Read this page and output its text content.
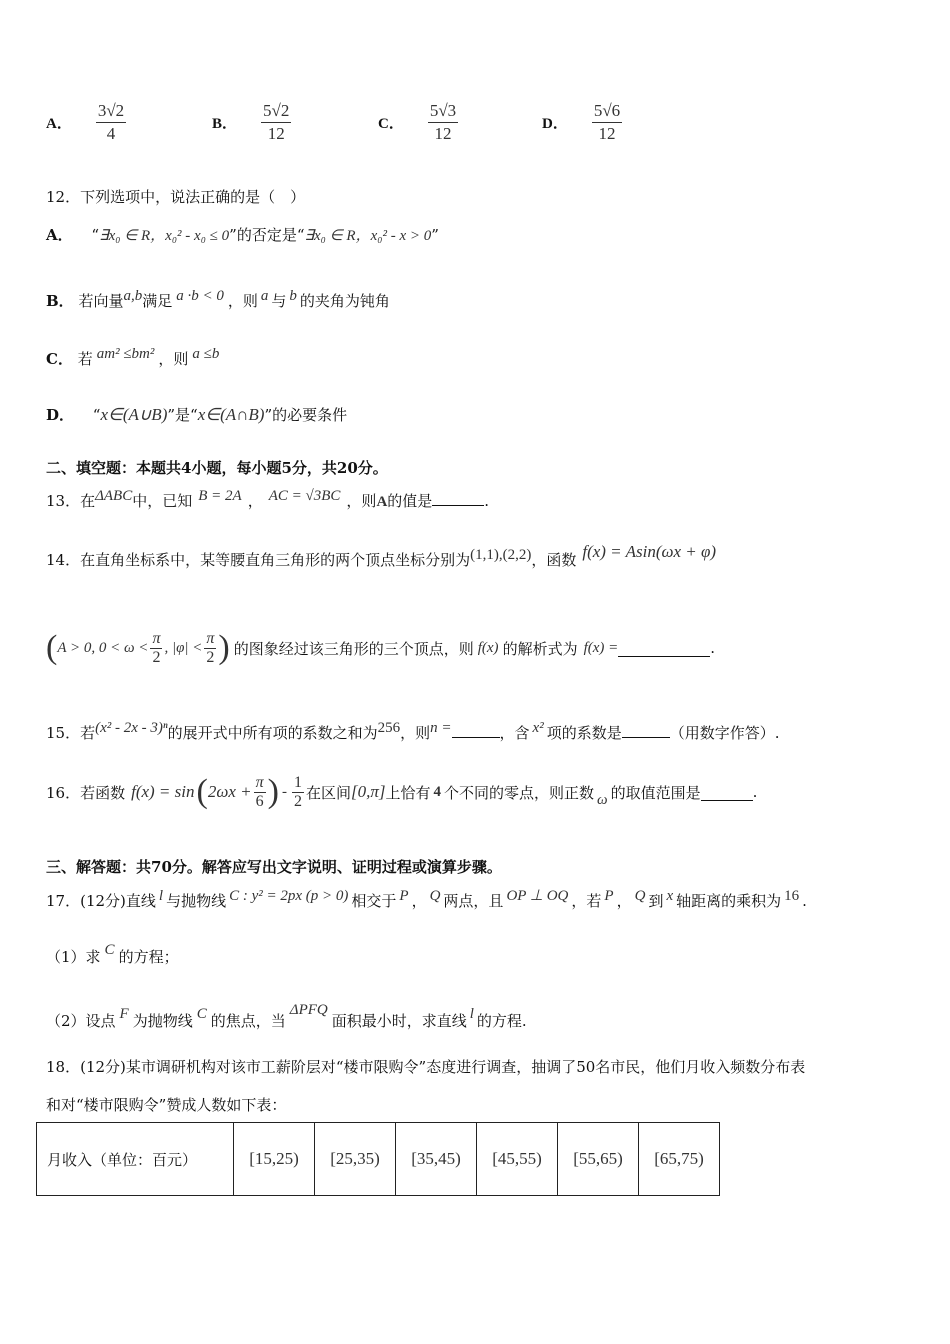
A． $\frac{3√2}{4}$	B． $\frac{5√2}{12}$	C． $\frac{5√3}{12}$	D． $\frac{5√6}{12}$
12．下列选项中，说法正确的是（　）
A． “∃x₀ ∈ R，x₀² - x₀ ≤ 0”的否定是“∃x₀ ∈ R，x₀² - x > 0”
B． 若向量a,b满足 a ·b < 0 ，则 a 与 b 的夹角为钝角
C． 若 am² ≤bm² ，则 a ≤b
D． “x∈(A∪B)”是“x∈(A∩B)”的必要条件
二、填空题：本题共4小题，每小题5分，共20分。
13．在ΔABC中，已知 B = 2A ， AC = √3BC ，则A的值是	.
14．在直角坐标系中，某等腰直角三角形的两个顶点坐标分别为(1,1),(2,2)，函数 f(x) = Asin(ωx + φ)
( A > 0, $0 < \omega < \frac{\pi}{2}$ , $|\varphi| < \frac{\pi}{2}$ ) 的图象经过该三角形的三个顶点，则 f(x) 的解析式为 f(x) =	.
15．若(x² - 2x - 3)ⁿ的展开式中所有项的系数之和为256，则n =	，含 x² 项的系数是	（用数字作答）.
16．若函数 f(x) = sin ( $2\omega x + \frac{\pi}{6}$ ) - $\frac{1}{2}$ 在区间 [0,π] 上恰有 4 个不同的零点，则正数 ω 的取值范围是	.
三、解答题：共70分。解答应写出文字说明、证明过程或演算步骤。
17．(12分)直线 l 与抛物线 C : y² = 2px (p > 0) 相交于 P ， Q 两点，且 OP ⊥ OQ ，若 P ， Q 到 x 轴距离的乘积为 16 .
（1）求 C 的方程；
（2）设点 F 为抛物线 C 的焦点，当ΔPFQ面积最小时，求直线 l 的方程.
18．(12分)某市调研机构对该市工薪阶层对“楼市限购令”态度进行调查，抽调了50名市民，他们月收入频数分布表
和对“楼市限购令”赞成人数如下表：
月收入（单位：百元）	[15,25)	[25,35)	[35,45)	[45,55)	[55,65)	[65,75)
